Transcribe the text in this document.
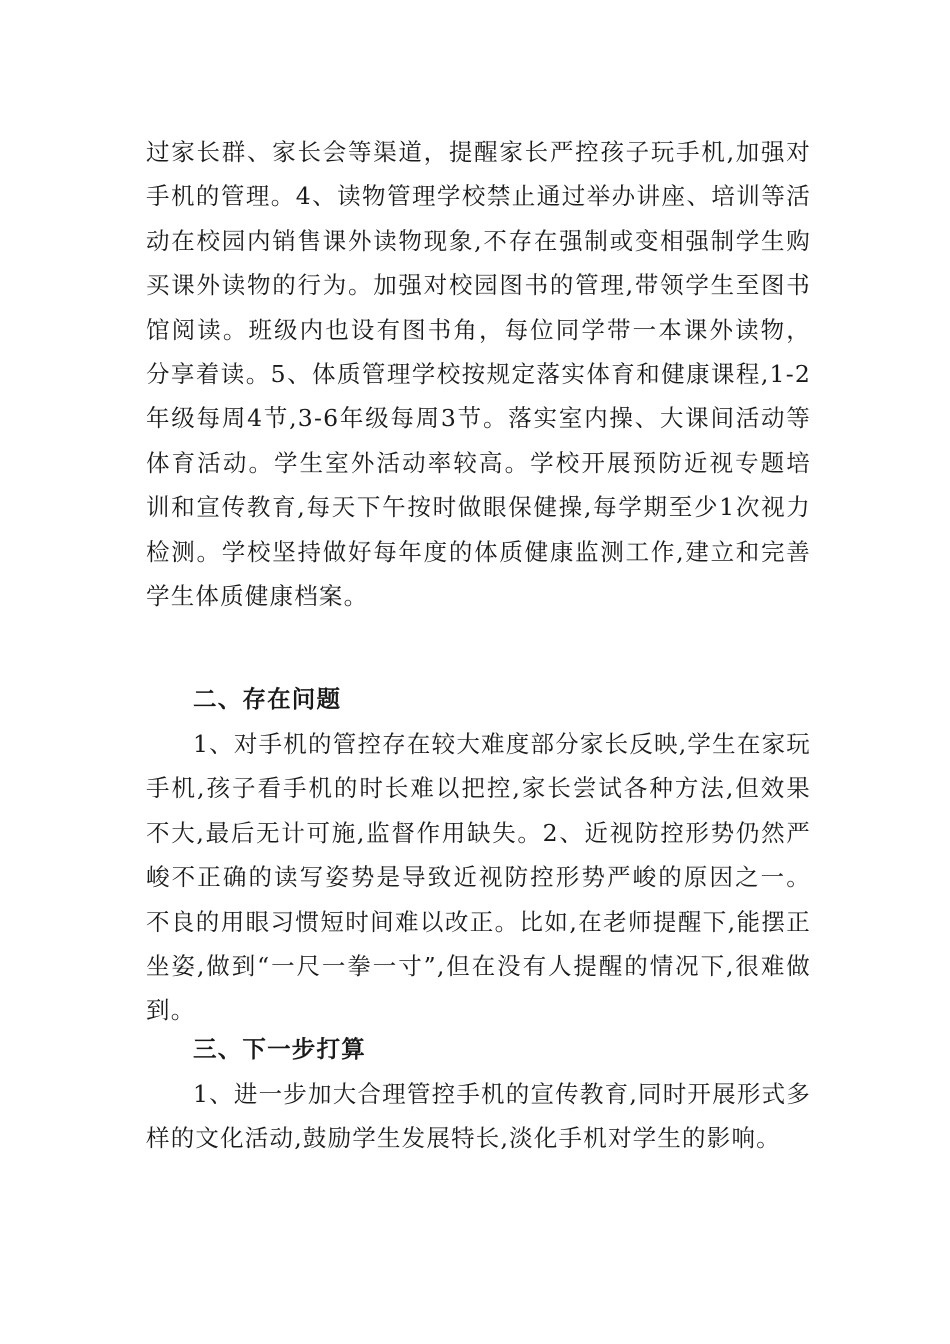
过家长群、家长会等渠道，提醒家长严控孩子玩手机,加强对手机的管理。4、读物管理学校禁止通过举办讲座、培训等活动在校园内销售课外读物现象,不存在强制或变相强制学生购买课外读物的行为。加强对校园图书的管理,带领学生至图书馆阅读。班级内也设有图书角，每位同学带一本课外读物，分享着读。5、体质管理学校按规定落实体育和健康课程,1-2年级每周4节,3-6年级每周3节。落实室内操、大课间活动等体育活动。学生室外活动率较高。学校开展预防近视专题培训和宣传教育,每天下午按时做眼保健操,每学期至少1次视力检测。学校坚持做好每年度的体质健康监测工作,建立和完善学生体质健康档案。

二、存在问题

1、对手机的管控存在较大难度部分家长反映,学生在家玩手机,孩子看手机的时长难以把控,家长尝试各种方法,但效果不大,最后无计可施,监督作用缺失。2、近视防控形势仍然严峻不正确的读写姿势是导致近视防控形势严峻的原因之一。不良的用眼习惯短时间难以改正。比如,在老师提醒下,能摆正坐姿,做到“一尺一拳一寸”,但在没有人提醒的情况下,很难做到。

三、下一步打算

1、进一步加大合理管控手机的宣传教育,同时开展形式多样的文化活动,鼓励学生发展特长,淡化手机对学生的影响。
